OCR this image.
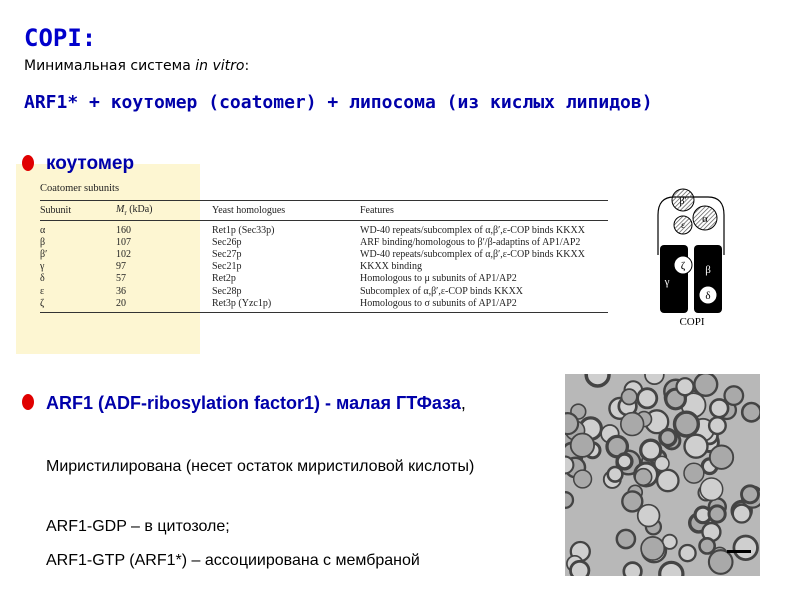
COPI:
Минимальная система in vitro:
ARF1* + коутомер (coatomer) + липосома (из кислых липидов)
коутомер
Coatomer subunits
Subunit	$M_r$ (kDa)	Yeast homologues	Features
α	160	Ret1p (Sec33p)	WD-40 repeats/subcomplex of α,β′,ε-COP binds KKXX
β	107	Sec26p	ARF binding/homologous to β′/β-adaptins of AP1/AP2
β′	102	Sec27p	WD-40 repeats/subcomplex of α,β′,ε-COP binds KKXX
γ	97	Sec21p	KKXX binding
δ	57	Ret2p	Homologous to μ subunits of AP1/AP2
ε	36	Sec28p	Subcomplex of α,β′,ε-COP binds KKXX
ζ	20	Ret3p (Yzc1p)	Homologous to σ subunits of AP1/AP2
β′
α
ε
ζ
γ
β
δ
COPI
ARF1 (ADF-ribosylation factor1) - малая ГТФаза,
Миристилирована (несет остаток миристиловой кислоты)
ARF1-GDP – в цитозоле;
ARF1-GTP (ARF1*) – ассоциирована с мембраной
